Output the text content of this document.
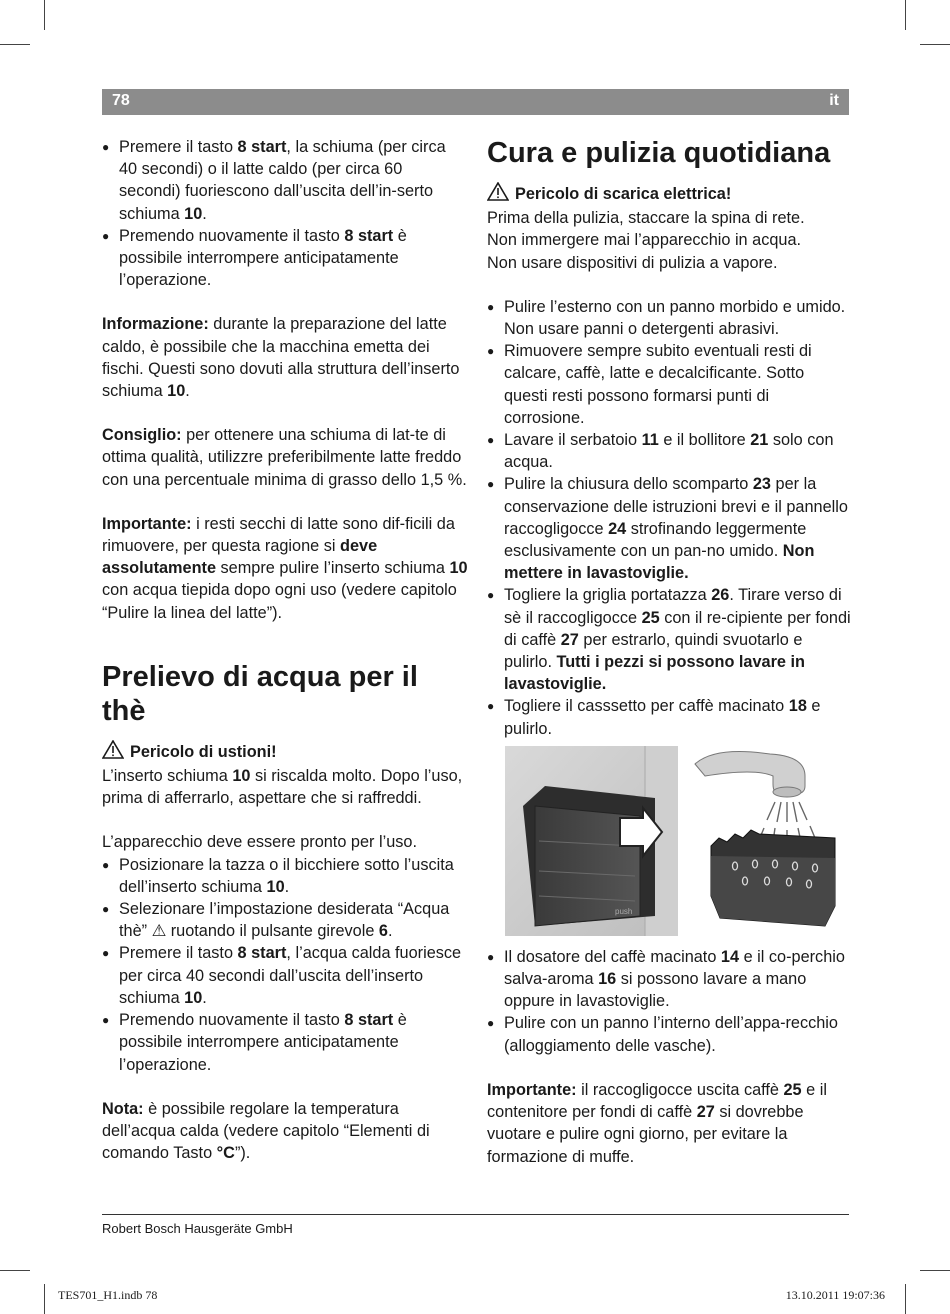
78	it
● Premere il tasto 8 start, la schiuma (per circa 40 secondi) o il latte caldo (per circa 60 secondi) fuoriescono dall’uscita dell’in-serto schiuma 10.
● Premendo nuovamente il tasto 8 start è possibile interrompere anticipatamente l’operazione.

Informazione: durante la preparazione del latte caldo, è possibile che la macchina emetta dei fischi. Questi sono dovuti alla struttura dell’inserto schiuma 10.

Consiglio: per ottenere una schiuma di lat-te di ottima qualità, utilizzre preferibilmente latte freddo con una percentuale minima di grasso dello 1,5 %.

Importante: i resti secchi di latte sono dif-ficili da rimuovere, per questa ragione si deve assolutamente sempre pulire l’inserto schiuma 10 con acqua tiepida dopo ogni uso (vedere capitolo “Pulire la linea del latte”).

Prelievo di acqua per il thè

Pericolo di ustioni!

L’inserto schiuma 10 si riscalda molto. Dopo l’uso, prima di afferrarlo, aspettare che si raffreddi.

L’apparecchio deve essere pronto per l’uso.

● Posizionare la tazza o il bicchiere sotto l’uscita dell’inserto schiuma 10.
● Selezionare l’impostazione desiderata “Acqua thè” ⚠ ruotando il pulsante girevole 6.
● Premere il tasto 8 start, l’acqua calda fuoriesce per circa 40 secondi dall’uscita dell’inserto schiuma 10.
● Premendo nuovamente il tasto 8 start è possibile interrompere anticipatamente l’operazione.

Nota: è possibile regolare la temperatura dell’acqua calda (vedere capitolo “Elementi di comando Tasto °C”).

Cura e pulizia quotidiana

Pericolo di scarica elettrica!

Prima della pulizia, staccare la spina di rete.

Non immergere mai l’apparecchio in acqua.

Non usare dispositivi di pulizia a vapore.

● Pulire l’esterno con un panno morbido e umido. Non usare panni o detergenti abrasivi.
● Rimuovere sempre subito eventuali resti di calcare, caffè, latte e decalcificante. Sotto questi resti possono formarsi punti di corrosione.
● Lavare il serbatoio 11 e il bollitore 21 solo con acqua.
● Pulire la chiusura dello scomparto 23 per la conservazione delle istruzioni brevi e il pannello raccogligocce 24 strofinando leggermente esclusivamente con un pan-no umido. Non mettere in lavastoviglie.
● Togliere la griglia portatazza 26. Tirare verso di sè il raccogligocce 25 con il re-cipiente per fondi di caffè 27 per estrarlo, quindi svuotarlo e pulirlo. Tutti i pezzi si possono lavare in lavastoviglie.
● Togliere il casssetto per caffè macinato 18 e pulirlo.
push
● Il dosatore del caffè macinato 14 e il co-perchio salva-aroma 16 si possono lavare a mano oppure in lavastoviglie.
● Pulire con un panno l’interno dell’appa-recchio (alloggiamento delle vasche).

Importante: il raccogligocce uscita caffè 25 e il contenitore per fondi di caffè 27 si dovrebbe vuotare e pulire ogni giorno, per evitare la formazione di muffe.

Robert Bosch Hausgeräte GmbH
TES701_H1.indb 78	13.10.2011 19:07:36
